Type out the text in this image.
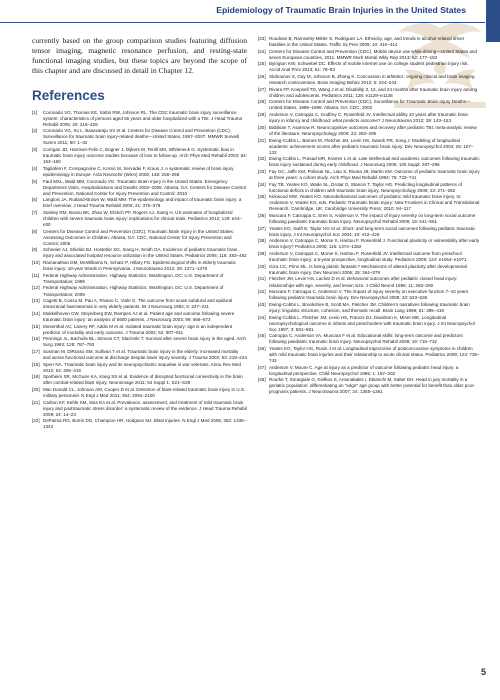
Epidemiology of Traumatic Brain Injuries in the United States

currently based on the group comparison studies featuring diffusion tensor imaging, magnetic resonance perfusion, and resting-state functional imaging studies, but these topics are beyond the scope of this chapter and are discussed in detail in Chapter 12.

References
[1]	Coronado VG, Thomas KE, Sattin RW, Johnson RL. The CDC traumatic brain injury surveillance system: characteristics of persons aged 65 years and older hospitalized with a TBI. J Head Trauma Rehabil 2005; 20: 215–228
[2]	Coronado VG, Xu L, Basavaraju SV et al. Centers for Disease Control and Prevention (CDC). Surveillance for traumatic brain injury-related deaths—United States, 1997–2007. MMWR Surveill Summ 2011; 60: 1–32
[3]	Corrigan JD, Harrison-Felix C, Bogner J, Dijkers M, Terrill MS, Whiteneck G. Systematic bias in traumatic brain injury outcome studies because of loss to follow-up. Arch Phys Med Rehabil 2003; 84: 153–160
[4]	Tagliaferri F, Compagnone C, Korsic M, Servadei F, Kraus J. A systematic review of brain injury epidemiology in Europe. Acta Neurochir (Wien) 2006; 148: 255–268
[5]	Faul MXL, Wald MM, Coronado VG. Traumatic Brain Injury in the United States. Emergency Department Visits, Hospitalizations and Deaths 2002–2006. Atlanta, GA: Centers for Disease Control and Prevention, National Center for Injury Prevention and Control; 2010
[6]	Langlois JA, Rutland-Brown W, Wald MM. The epidemiology and impact of traumatic brain injury: a brief overview. J Head Trauma Rehabil 2006; 21: 375–378
[7]	Stanley RM, Bonsu BK, Zhao W, Ehrlich PF, Rogers AJ, Xiang H. US estimates of hospitalized children with severe traumatic brain injury: implications for clinical trials. Pediatrics 2012; 129: e24–e30
[8]	Centers for Disease Control and Prevention (CDC). Traumatic Brain Injury in the United States: Assessing Outcomes in Children. Atlanta, GA: CDC, National Center for Injury Prevention and Control; 2006
[9]	Schneier AJ, Shields BJ, Hostetler SG, Xiang H, Smith GA. Incidence of pediatric traumatic brain injury and associated hospital resource utilization in the United States. Pediatrics 2006; 118: 483–492
[10] Ramanathan DM, McWilliams N, Schatz P, Hillary FG. Epidemiological shifts in elderly traumatic brain injury: 18-year trends in Pennsylvania. J Neurotrauma 2012; 29: 1371–1378
[11] Federal Highway Administration. Highway Statistics. Washington, DC: U.S. Department of Transportation; 1999
[12] Federal Highway Administration. Highway Statistics. Washington, DC: U.S. Department of Transportation; 2009
[13] Cagetti B, Cossu M, Pau A, Rivano C, Viale G. The outcome from acute subdural and epidural intracranial haematomas in very elderly patients. Br J Neurosurg 1992; 6: 227–231
[14] Mukkelhoven CW, Steyerberg EW, Rampen AJ et al. Patient age and outcome following severe traumatic brain injury: an analysis of 5600 patients. J Neurosurg 2003; 99: 666–673
[15] Mosenthal AC, Lavery RF, Addis M et al. Isolated traumatic brain injury: age is an independent predictor of mortality and early outcome. J Trauma 2002; 52: 907–911
[16] Pennings JL, Bachulis BL, Simons CT, Slazinski T. Survival after severe brain injury in the aged. Arch Surg 1993; 128: 787–793
[17] Susman M, DiRusso SM, Sullivan T et al. Traumatic brain injury in the elderly: increased mortality and worse functional outcome at discharge despite lower injury severity. J Trauma 2002; 53: 219–224
[18] Sperr NA. Traumatic brain injury and its neuropsychiatric sequelae in war veterans. Annu Rev Med 2012; 63: 405–419
[19] Spotheim SR, McGuire KA, Kang SS et al. Evidence of disrupted functional connectivity in the brain after combat-related blast injury. Neuroimage 2011; 54 Suppl 1: S21–S29
[20] Mac Donald CL, Johnson AM, Cooper D et al. Detection of blast-related traumatic brain injury in U.S. military personnel. N Engl J Med 2011; 364: 2091–2100
[21] Carlton KF, Kehle SM, Sias EA et al. Prevalence, assessment, and treatment of mild traumatic brain injury and posttraumatic stress disorder: a systematic review of the evidence. J Head Trauma Rehabil 2009; 24: 14–23
[22] DePalma RG, Burris DG, Champion HR, Hodgson MJ. Blast injuries. N Engl J Med 2005; 352: 1335–1342
[23] Roudsari B, Ramisetty-Mikler S, Rodriguez LA. Ethnicity, age, and trends in alcohol-related driver fatalities in the United States. Traffic Inj Prev 2009; 10: 410–414
[24] Centers for Disease Control and Prevention (CDC). Mobile device use while driving—United States and seven European countries, 2011. MMWR Morb Mortal Wkly Rep 2013; 62: 177–182
[25] Byington KW, Schwebel DC. Effects of mobile internet use on college student pedestrian injury risk. Accid Anal Prev 2013; 51: 78–83
[26] Slobounov S, Gay M, Johnson B, Zhang K. Concussion in athletics: ongoing clinical and brain imaging research controversies. Brain Imaging Behav 2012; 6: 224–243
[27] Rivara FP, Koepsell TD, Wang J et al. Disability 3, 12, and 24 months after traumatic brain injury among children and adolescents. Pediatrics 2011; 128: e1129–e1138
[28] Centers for Disease Control and Prevention (CDC). Surveillance for Traumatic Brain Injury Deaths—United States, 1989–1998. Atlanta, GA: CDC; 2002
[29] Anderson V, Catroppa C, Godfrey C, Rosenfeld JV. Intellectual ability 10 years after traumatic brain injury in infancy and childhood: what predicts outcome? J Neurotrauma 2012; 29: 143–153
[30] Babikian T, Asarnow R. Neurocognitive outcomes and recovery after pediatric TBI: meta-analytic review of the literature. Neuropsychology 2009; 23: 283–296
[31] Ewing-Cobbs L, Barnes M, Fletcher JM, Levin HS, Swank PR, Song J. Modeling of longitudinal academic achievement scores after pediatric traumatic brain injury. Dev Neuropsychol 2004; 25: 107–133
[32] Ewing-Cobbs L, Prasad MR, Kramer L et al. Late intellectual and academic outcomes following traumatic brain injury sustained during early childhood. J Neurosurg 2006; 105 Suppl: 287–296
[33] Fay GC, Jaffe KM, Polissar NL, Liao S, Rivara JB, Martin KM. Outcome of pediatric traumatic brain injury at three years: a cohort study. Arch Phys Med Rehabil 1994; 75: 733–741
[34] Fay TB, Yeates KO, Wade SL, Drotar D, Stancin T, Taylor HG. Predicting longitudinal patterns of functional deficits in children with traumatic brain injury. Neuropsychology 2009; 23: 271–282
[35] Kirkwood MW, Yeates KO. Neurobehavioral outcomes of pediatric mild traumatic brain injury. In: Anderson V, Yeates KO, eds. Pediatric Traumatic Brain Injury: New Frontiers in Clinical and Translational Research. Cambridge, UK: Cambridge University Press; 2010: 94–117
[36] Muscara F, Catroppa C, Eren S, Anderson V. The impact of injury severity on long-term social outcome following paediatric traumatic brain injury. Neuropsychol Rehabil 2009; 19: 541–561
[37] Yeates KO, Swift E, Taylor HG et al. Short- and long-term social outcomes following pediatric traumatic brain injury. J Int Neuropsychol Soc 2004; 10: 412–426
[38] Anderson V, Catroppa C, Morse S, Haritou F, Rosenfeld J. Functional plasticity or vulnerability after early brain injury? Pediatrics 2005; 116: 1374–1382
[39] Anderson V, Catroppa C, Morse S, Haritou F, Rosenfeld JV. Intellectual outcome from preschool traumatic brain injury: a 5-year prospective, longitudinal study. Pediatrics 2009; 124: e1064–e1071
[40] Giza CC, Prins ML. Is being plastic fantastic? Mechanisms of altered plasticity after developmental traumatic brain injury. Dev Neurosci 2006; 28: 364–379
[41] Fletcher JM, Levin HS, Lachar D et al. Behavioral outcomes after pediatric closed head injury: relationships with age, severity, and lesion size. J Child Neurol 1996; 11: 283–290
[42] Muscara F, Catroppa C, Anderson V. The impact of injury severity on executive function 7–10 years following pediatric traumatic brain injury. Dev Neuropsychol 2008; 33: 623–636
[43] Ewing-Cobbs L, Brookshire B, Scott MA, Fletcher JM. Children's narratives following traumatic brain injury: linguistic structure, cohesion, and thematic recall. Brain Lang 1998; 61: 395–419
[44] Ewing-Cobbs L, Fletcher JM, Levin HS, Francis DJ, Davidson K, Miner ME. Longitudinal neuropsychological outcome in infants and preschoolers with traumatic brain injury. J Int Neuropsychol Soc 1997; 3: 581–591
[45] Catroppa C, Anderson VA, Muscara F et al. Educational skills: long-term outcome and predictors following paediatric traumatic brain injury. Neuropsychol Rehabil 2009; 19: 716–732
[46] Yeates KO, Taylor HG, Rusin J et al. Longitudinal trajectories of postconcussive symptoms in children with mild traumatic brain injuries and their relationship to acute clinical status. Pediatrics 2009; 123: 735–743
[47] Anderson V, Moore C. Age at injury as a predictor of outcome following pediatric head injury: a longitudinal perspective. Child Neuropsychol 1995; 1: 187–202
[48] Rourke T, Smargiale G, Kiefkos S, Antonakakis I, Ebianchi M, Salter DH. Head in jury mortality in a geriatric population: differentiating an "edge" age group with better potential for benefit than older poor-prognosis patients. J Neurotrauma 2007; 24: 1355–1361
5
